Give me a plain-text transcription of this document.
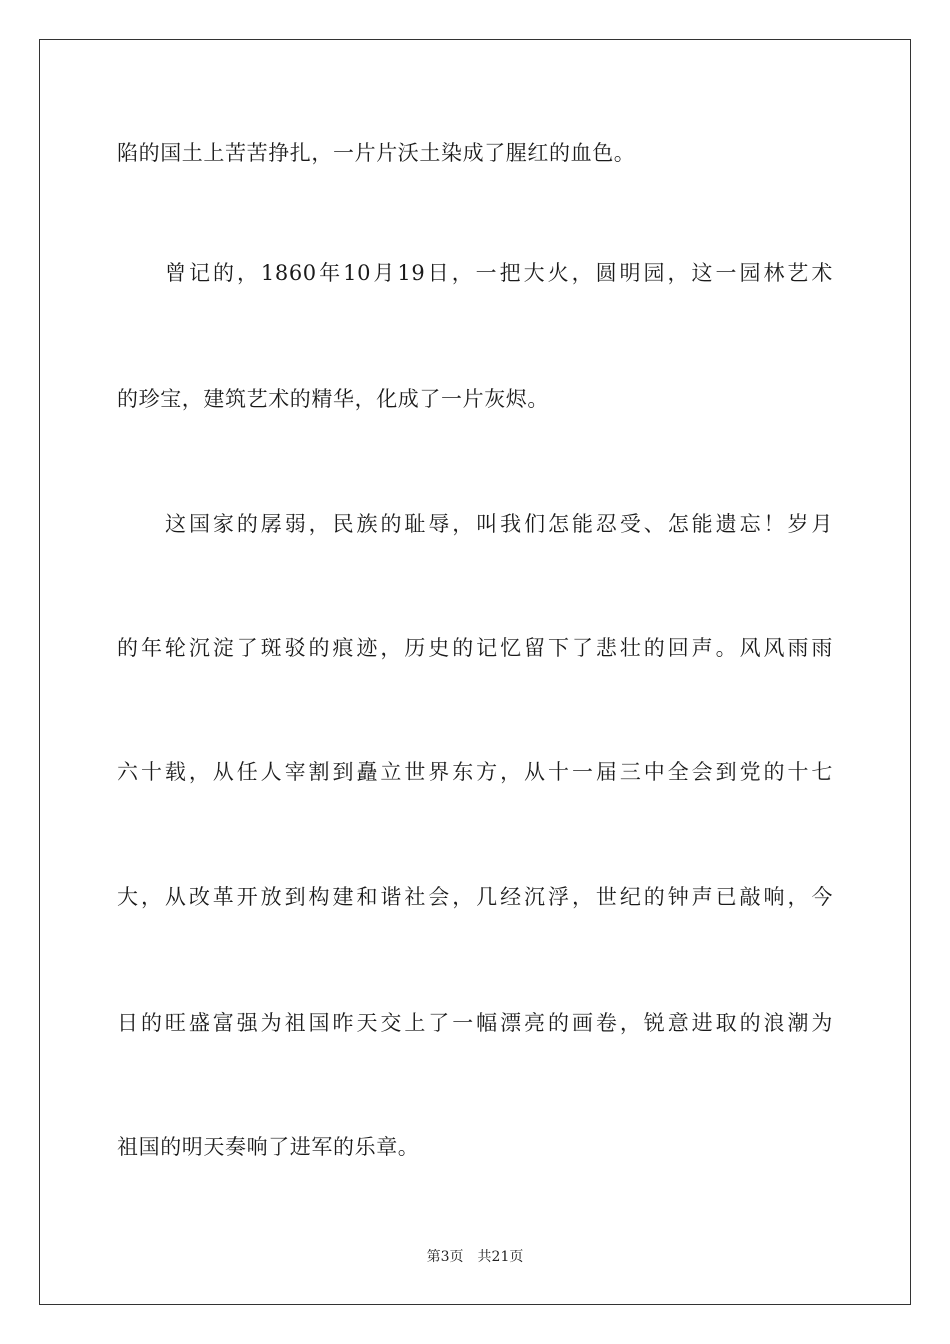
陷的国土上苦苦挣扎，一片片沃土染成了腥红的血色。
曾记的，1860年10月19日，一把大火，圆明园，这一园林艺术
的珍宝，建筑艺术的精华，化成了一片灰烬。
这国家的孱弱，民族的耻辱，叫我们怎能忍受、怎能遗忘！岁月
的年轮沉淀了斑驳的痕迹，历史的记忆留下了悲壮的回声。风风雨雨
六十载，从任人宰割到矗立世界东方，从十一届三中全会到党的十七
大，从改革开放到构建和谐社会，几经沉浮，世纪的钟声已敲响，今
日的旺盛富强为祖国昨天交上了一幅漂亮的画卷，锐意进取的浪潮为
祖国的明天奏响了进军的乐章。
第3页 共21页
